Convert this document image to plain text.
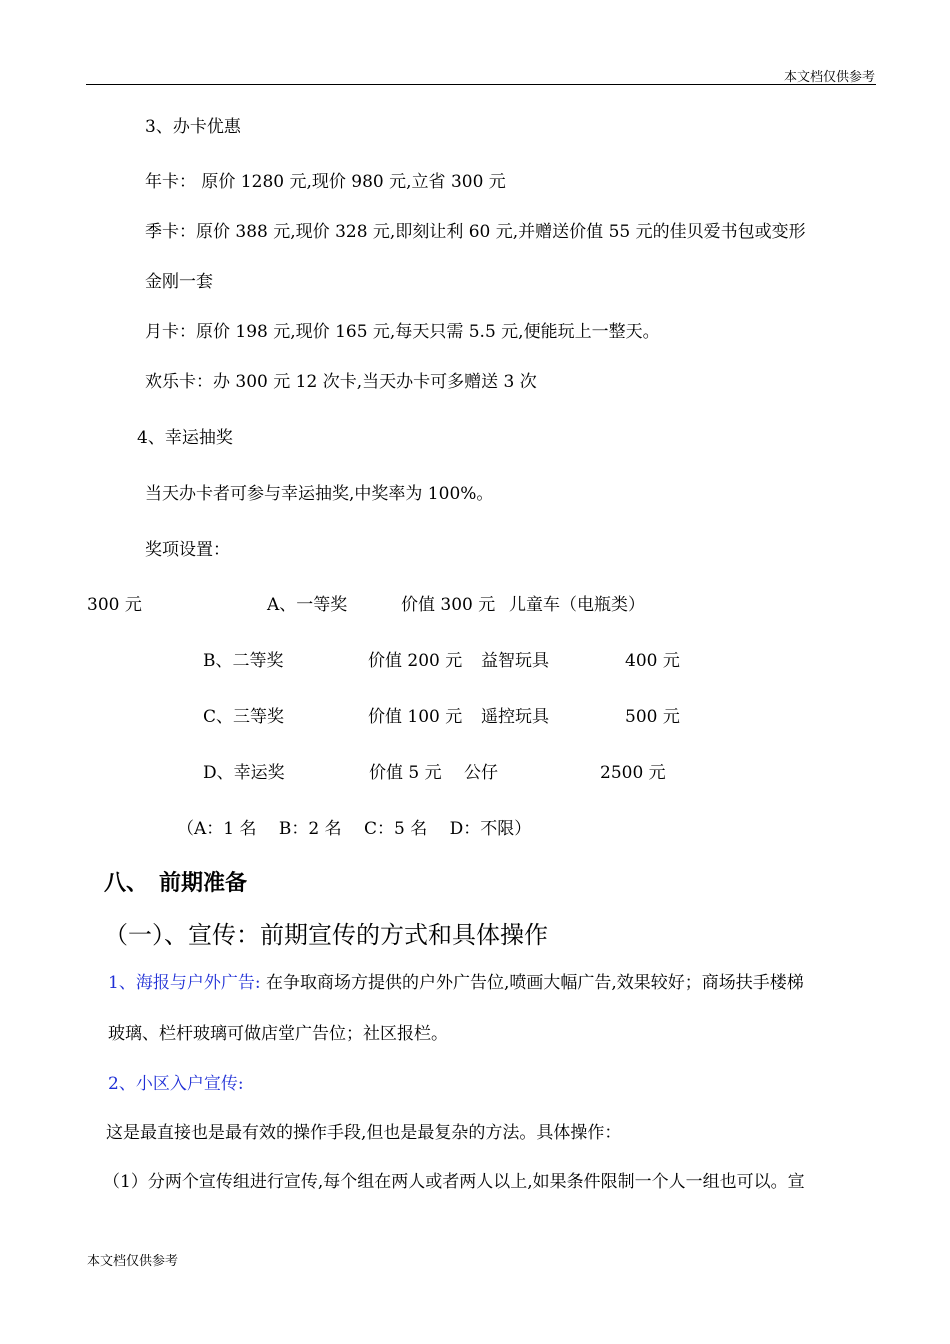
本文档仅供参考
3、办卡优惠
年卡： 原价 1280 元,现价 980 元,立省 300 元
季卡：原价 388 元,现价 328 元,即刻让利 60 元,并赠送价值 55 元的佳贝爱书包或变形
金刚一套
月卡：原价 198 元,现价 165 元,每天只需 5.5 元,便能玩上一整天。
欢乐卡：办 300 元 12 次卡,当天办卡可多赠送 3 次
4、幸运抽奖
当天办卡者可参与幸运抽奖,中奖率为 100%。
奖项设置：
300 元	A、一等奖	价值 300 元 儿童车（电瓶类）
B、二等奖	价值 200 元 益智玩具	400 元
C、三等奖	价值 100 元 遥控玩具	500 元
D、幸运奖	价值 5 元 公仔	2500 元
（A：1 名　 B：2 名　 C：5 名　 D：不限）
八、　前期准备
（一）、宣传：前期宣传的方式和具体操作
1、海报与户外广告: 在争取商场方提供的户外广告位,喷画大幅广告,效果较好；商场扶手楼梯
玻璃、栏杆玻璃可做店堂广告位；社区报栏。
2、小区入户宣传:
这是最直接也是最有效的操作手段,但也是最复杂的方法。具体操作：
（1）分两个宣传组进行宣传,每个组在两人或者两人以上,如果条件限制一个人一组也可以。宣
本文档仅供参考
